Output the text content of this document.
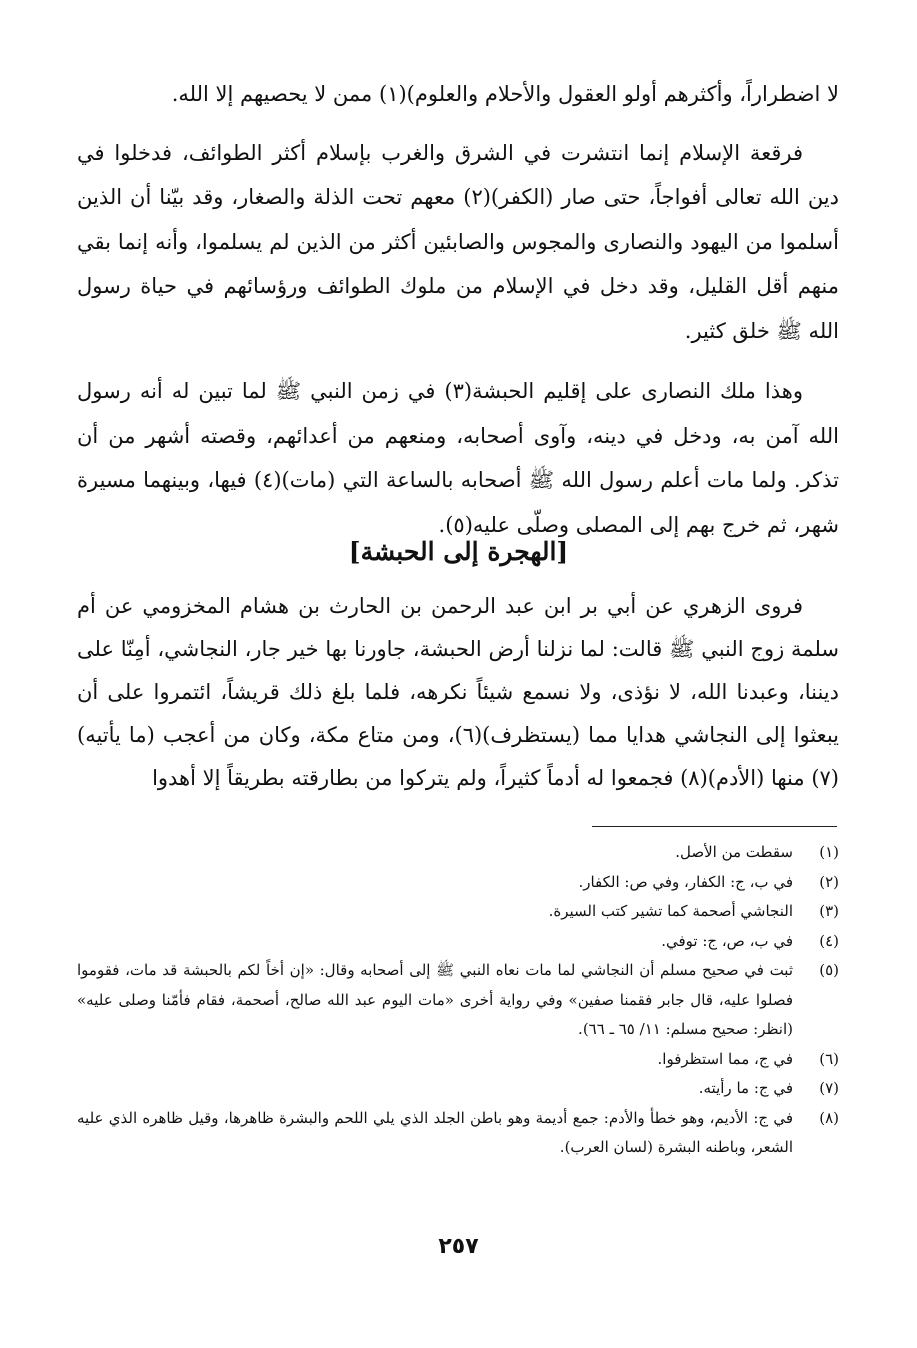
لا اضطراراً، وأكثرهم أولو العقول والأحلام والعلوم)(١) ممن لا يحصيهم إلا الله.

فرقعة الإسلام إنما انتشرت في الشرق والغرب بإسلام أكثر الطوائف، فدخلوا في دين الله تعالى أفواجاً، حتى صار (الكفر)(٢) معهم تحت الذلة والصغار، وقد بيّنا أن الذين أسلموا من اليهود والنصارى والمجوس والصابئين أكثر من الذين لم يسلموا، وأنه إنما بقي منهم أقل القليل، وقد دخل في الإسلام من ملوك الطوائف ورؤسائهم في حياة رسول الله ﷺ خلق كثير.

وهذا ملك النصارى على إقليم الحبشة(٣) في زمن النبي ﷺ لما تبين له أنه رسول الله آمن به، ودخل في دينه، وآوى أصحابه، ومنعهم من أعدائهم، وقصته أشهر من أن تذكر. ولما مات أعلم رسول الله ﷺ أصحابه بالساعة التي (مات)(٤) فيها، وبينهما مسيرة شهر، ثم خرج بهم إلى المصلى وصلّى عليه(٥).

[الهجرة إلى الحبشة]

فروى الزهري عن أبي بر ابن عبد الرحمن بن الحارث بن هشام المخزومي عن أم سلمة زوج النبي ﷺ قالت: لما نزلنا أرض الحبشة، جاورنا بها خير جار، النجاشي، أمِنّا على ديننا، وعبدنا الله، لا نؤذى، ولا نسمع شيئاً نكرهه، فلما بلغ ذلك قريشاً، ائتمروا على أن يبعثوا إلى النجاشي هدايا مما (يستظرف)(٦)، ومن متاع مكة، وكان من أعجب (ما يأتيه)(٧) منها (الأدم)(٨) فجمعوا له أدماً كثيراً، ولم يتركوا من بطارقته بطريقاً إلا أهدوا

(١)
سقطت من الأصل.
(٢)
في ب، ج: الكفار، وفي ص: الكفار.
(٣)
النجاشي أصحمة كما تشير كتب السيرة.
(٤)
في ب، ص، ج: توفي.
(٥)
ثبت في صحيح مسلم أن النجاشي لما مات نعاه النبي ﷺ إلى أصحابه وقال: «إن أخاً لكم بالحبشة قد مات، فقوموا فصلوا عليه، قال جابر فقمنا صفين» وفي رواية أخرى «مات اليوم عبد الله صالح، أصحمة، فقام فأمّنا وصلى عليه» (انظر: صحيح مسلم: ١١/ ٦٥ ـ ٦٦).
(٦)
في ج، مما استظرفوا.
(٧)
في ج: ما رأيته.
(٨)
في ج: الأديم، وهو خطأ والأدم: جمع أديمة وهو باطن الجلد الذي يلي اللحم والبشرة ظاهرها، وقيل ظاهره الذي عليه الشعر، وباطنه البشرة (لسان العرب).
٢٥٧
